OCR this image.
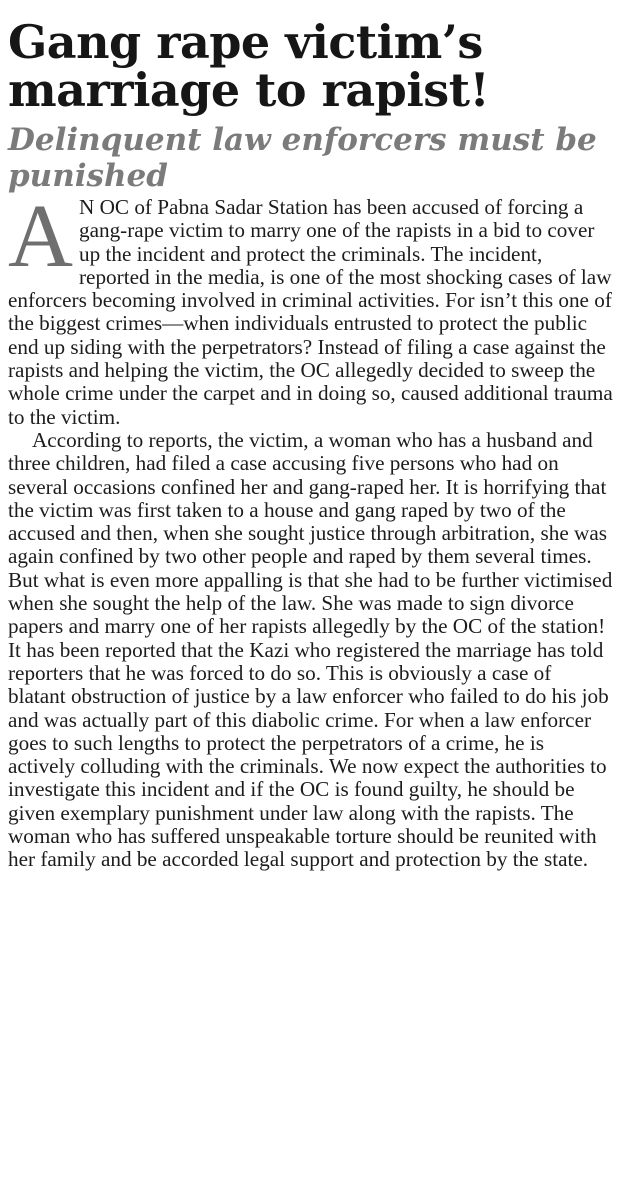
Gang rape victim’s marriage to rapist!
Delinquent law enforcers must be punished

A N OC of Pabna Sadar Station has been accused of forcing a gang-rape victim to marry one of the rapists in a bid to cover up the incident and protect the criminals. The incident, reported in the media, is one of the most shocking cases of law enforcers becoming involved in criminal activities. For isn’t this one of the biggest crimes—when individuals entrusted to protect the public end up siding with the perpetrators? Instead of filing a case against the rapists and helping the victim, the OC allegedly decided to sweep the whole crime under the carpet and in doing so, caused additional trauma to the victim.

According to reports, the victim, a woman who has a husband and three children, had filed a case accusing five persons who had on several occasions confined her and gang-raped her. It is horrifying that the victim was first taken to a house and gang raped by two of the accused and then, when she sought justice through arbitration, she was again confined by two other people and raped by them several times. But what is even more appalling is that she had to be further victimised when she sought the help of the law. She was made to sign divorce papers and marry one of her rapists allegedly by the OC of the station! It has been reported that the Kazi who registered the marriage has told reporters that he was forced to do so. This is obviously a case of blatant obstruction of justice by a law enforcer who failed to do his job and was actually part of this diabolic crime. For when a law enforcer goes to such lengths to protect the perpetrators of a crime, he is actively colluding with the criminals. We now expect the authorities to investigate this incident and if the OC is found guilty, he should be given exemplary punishment under law along with the rapists. The woman who has suffered unspeakable torture should be reunited with her family and be accorded legal support and protection by the state.
